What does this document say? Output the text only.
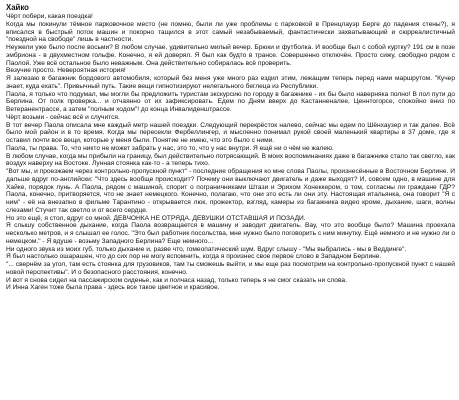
Хайко

Чёрт побери, какая поездка!

Когда мы покинули тёмное парковочное место (не помню, были ли уже проблемы с парковкой в Пренцлауэр Берге до падения стены?), я вписался в быстрый поток машин и покорно тащился в этот самый незабываемый, фантастически захватывающий и сюрреалистичный "поездной на свободе" лишь в частности.

Неужели уже было после восьми? В любом случае, удивительно милый вечер. Брюки и футболка. И вообще был с собой куртку? 191 см в позе эмбриона - в двухместном гольфе. Конечно, я ей доверял. Я был как будто в трансе. Совершенно отключён. Просто сижу, свободно рядом с Паолой. Уже всё остальное было неважным. Она действительно собиралась всё проверить.

Везучие просто. Невероятная история!

Я залезаю в багажник бордового автомобиля, который без меня уже много раз ездил этим, лежащим теперь перед нами маршрутом. "Кучер знает, куда ехать". Привычный путь. Такие вещи гипнотизируют нелегального беглеца из Республики.

Паола, я только что подумал, мы могли бы предложить туристам экскурсию по городу в багажнике - их бы было наверняка полно! В пол пути до Берлина. От полк проверка... и отчаянно от их зафиксировать. Едем по Дням вверх до Кастанненалее, Ценнтогорсе, спокойно вниз по Ветеранентрассе, а затем "полным ходом"! до конца Инвалиденштрассе.

Чёрт возьми - сейчас всё и случится.

В тот вечер Паола описала мне каждый метр нашей поездки. Следующий перекрёсток налево, сейчас мы едем по Шёнхаузер и так далее. Всё было мой район и в то время. Когда мы пересекли Фербеллингер, и мысленно понимал рукой своей маленький квартиры в 37 доме, где я оставил почти все вещи, которые у меня были. Понятие не имею, что это было с ними.

Паола, ты права. То, что никто не может забрать у нас, это то, что у нас внутри. Я ещё ни о чём не жалею.

В любом случае, когда мы прибыли на границу, был действительно потрясающий. В моих воспоминаниях даже в багажнике стало так светло, как воздух наверху на Востоке. Лунная стоянка как-то - а теперь тихо.

"Вот мы, и проезжаем через контрольно-пропускной пункт" - последние обращения ко мне слова Паолы, произнесённые в Восточном Берлине. И дальше вдруг по-английски: "Что здесь вообще происходит? Почему они выключают двигатель и даже выходят? И, совсем одно, в машине для Хайке, порядок лунь. А Паола, рядом с машиной, спорит о пограничниками Штази и Эрихом Хонеккером, о том, согласны ли граждане ГДР? Паола, конечно, притворяется, что не знает немецкого. Конечно, полагаю, что они это есть ли они эту. Настоящая итальянка, она говорит "Я с ним" - её на внезапно в фильме Тарантино - открывается люк, прожектор, взгляд, камеры из багажника видео кроме, дыхание, шаги, волны слезами! Стучит так светло и от всего сердце.

Но это ещё, я стол, вдруг со мной. ДЕВЧОНКА НЕ ОТРЯДА. ДЕВУШКИ ОТСТАВШАЯ И ПОЗАДИ.

Я слышу собственное дыхание, когда Паола возвращается в машину и заводит двигатель. Вау, что это вообще было? Машина проехала несколько метров, и я слышал ее голос. "Это был работник посольства, мне нужно было поговорить с ним минутку. Ещё немного и не нужно ли о немецком." - Я вдуше - возьму Западного Берлина? Еще немного...

Ни одного звука из моих губ, только дыхание и, разве что, гомеопатический шум. Вдруг слышу - "Мы выбрались - мы в Веддинге".

Я был настолько ошарашен, что до сих пор не могу вспомнить, когда я произнес свое первое слово в Западном Берлине.

"... свернём за угол, там есть стоянка для грузовиков, там ты сможешь выйти, и мы еще раз посмотрим на контрольно-пропускной пункт с нашей новой перспективы". И о безопасного расстояния, конечно.

И вот я снова сидел на пассажирском сиденье, как и полчаса назад, только теперь я не смог сказать ни слова.

И Инна Хаген тоже была права - здесь все такое цветное и красивое.
